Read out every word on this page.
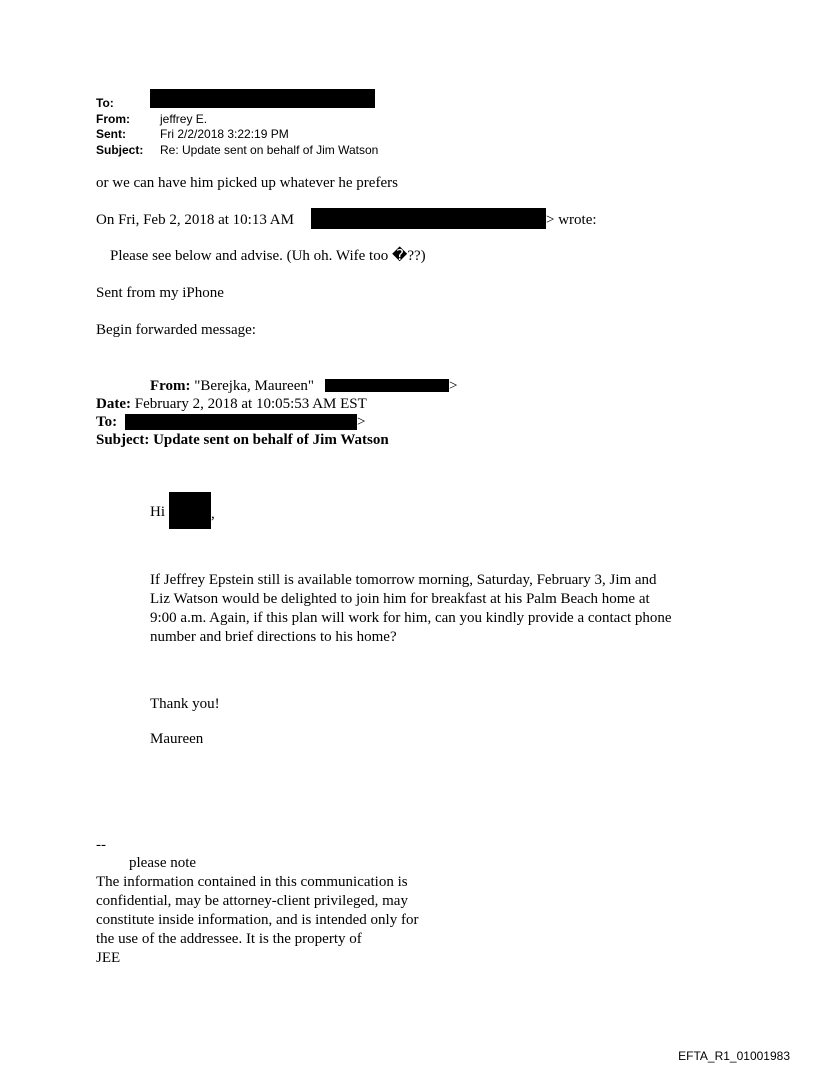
To:
From:	jeffrey E.
Sent:	Fri 2/2/2018 3:22:19 PM
Subject: Re: Update sent on behalf of Jim Watson
or we can have him picked up whatever he prefers
On Fri, Feb 2, 2018 at 10:13 AM	> wrote:
Please see below and advise. (Uh oh. Wife too �??)
Sent from my iPhone
Begin forwarded message:
From: "Berejka, Maureen"	>
Date: February 2, 2018 at 10:05:53 AM EST
To:	>
Subject: Update sent on behalf of Jim Watson
Hi	,
If Jeffrey Epstein still is available tomorrow morning, Saturday, February 3, Jim and Liz Watson would be delighted to join him for breakfast at his Palm Beach home at 9:00 a.m. Again, if this plan will work for him, can you kindly provide a contact phone number and brief directions to his home?
Thank you!
Maureen
--
please note
The information contained in this communication is
confidential, may be attorney-client privileged, may
constitute inside information, and is intended only for
the use of the addressee. It is the property of
JEE
EFTA_R1_01001983
